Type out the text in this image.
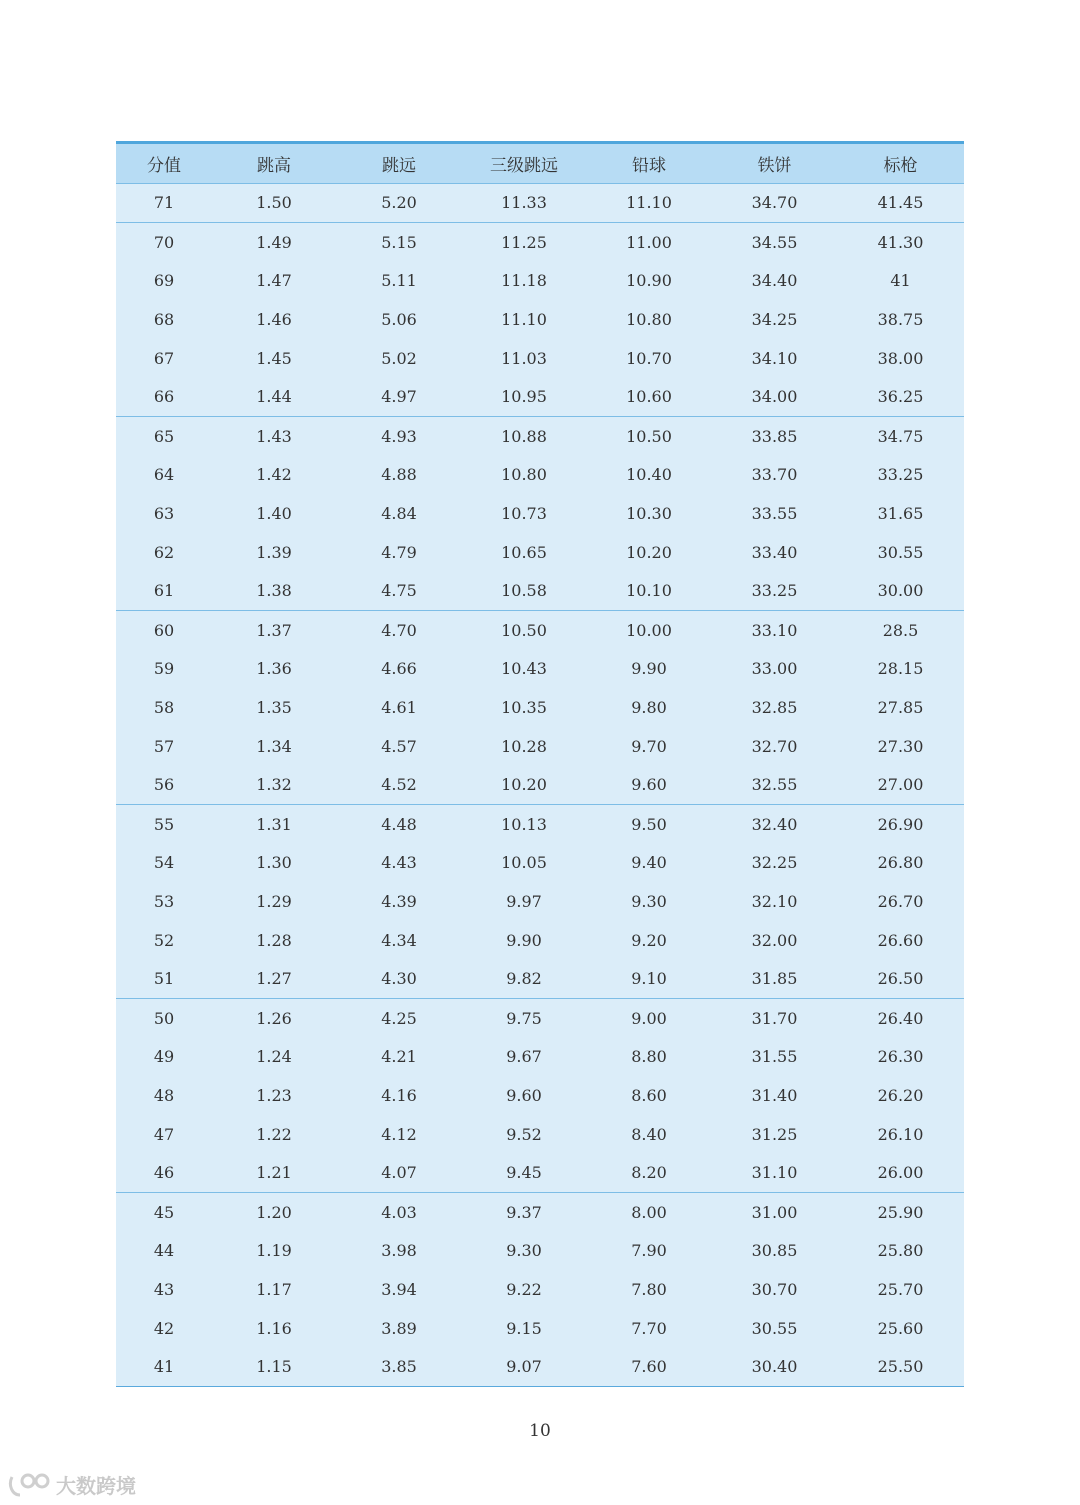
分值	跳高	跳远	三级跳远	铅球	铁饼	标枪
71	1.50	5.20	11.33	11.10	34.70	41.45
70	1.49	5.15	11.25	11.00	34.55	41.30
69	1.47	5.11	11.18	10.90	34.40	41
68	1.46	5.06	11.10	10.80	34.25	38.75
67	1.45	5.02	11.03	10.70	34.10	38.00
66	1.44	4.97	10.95	10.60	34.00	36.25
65	1.43	4.93	10.88	10.50	33.85	34.75
64	1.42	4.88	10.80	10.40	33.70	33.25
63	1.40	4.84	10.73	10.30	33.55	31.65
62	1.39	4.79	10.65	10.20	33.40	30.55
61	1.38	4.75	10.58	10.10	33.25	30.00
60	1.37	4.70	10.50	10.00	33.10	28.5
59	1.36	4.66	10.43	9.90	33.00	28.15
58	1.35	4.61	10.35	9.80	32.85	27.85
57	1.34	4.57	10.28	9.70	32.70	27.30
56	1.32	4.52	10.20	9.60	32.55	27.00
55	1.31	4.48	10.13	9.50	32.40	26.90
54	1.30	4.43	10.05	9.40	32.25	26.80
53	1.29	4.39	9.97	9.30	32.10	26.70
52	1.28	4.34	9.90	9.20	32.00	26.60
51	1.27	4.30	9.82	9.10	31.85	26.50
50	1.26	4.25	9.75	9.00	31.70	26.40
49	1.24	4.21	9.67	8.80	31.55	26.30
48	1.23	4.16	9.60	8.60	31.40	26.20
47	1.22	4.12	9.52	8.40	31.25	26.10
46	1.21	4.07	9.45	8.20	31.10	26.00
45	1.20	4.03	9.37	8.00	31.00	25.90
44	1.19	3.98	9.30	7.90	30.85	25.80
43	1.17	3.94	9.22	7.80	30.70	25.70
42	1.16	3.89	9.15	7.70	30.55	25.60
41	1.15	3.85	9.07	7.60	30.40	25.50
10
大数跨境
